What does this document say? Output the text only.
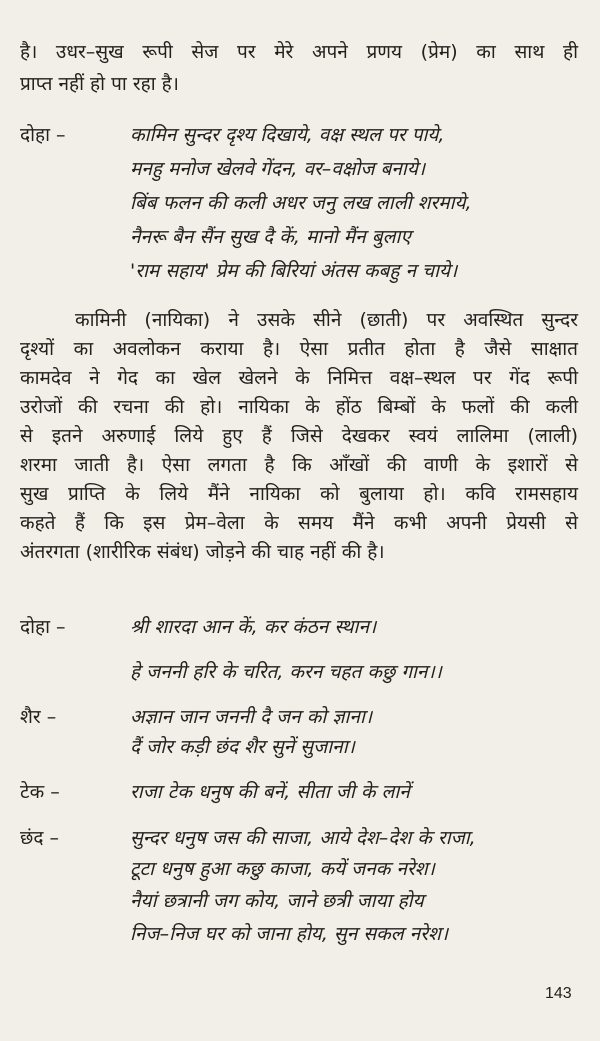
है। उधर–सुख रूपी सेज पर मेरे अपने प्रणय (प्रेम) का साथ ही
प्राप्त नहीं हो पा रहा है।
दोहा –	कामिन सुन्दर दृश्य दिखाये, वक्ष स्थल पर पाये,
मनहु मनोज खेलवे गेंदन, वर–वक्षोज बनाये।
बिंब फलन की कली अधर जनु लख लाली शरमाये,
नैनरू बैन सैंन सुख दै कें, मानो मैंन बुलाए
'राम सहाय' प्रेम की बिरियां अंतस कबहु न चाये।
कामिनी (नायिका) ने उसके सीने (छाती) पर अवस्थित सुन्दर
दृश्यों का अवलोकन कराया है। ऐसा प्रतीत होता है जैसे साक्षात
कामदेव ने गेद का खेल खेलने के निमित्त वक्ष–स्थल पर गेंद रूपी
उरोजों की रचना की हो। नायिका के होंठ बिम्बों के फलों की कली
से इतने अरुणाई लिये हुए हैं जिसे देखकर स्वयं लालिमा (लाली)
शरमा जाती है। ऐसा लगता है कि आँखों की वाणी के इशारों से
सुख प्राप्ति के लिये मैंने नायिका को बुलाया हो। कवि रामसहाय
कहते हैं कि इस प्रेम–वेला के समय मैंने कभी अपनी प्रेयसी से
अंतरगता (शारीरिक संबंध) जोड़ने की चाह नहीं की है।
दोहा –	श्री शारदा आन कें, कर कंठन स्थान।
हे जननी हरि के चरित, करन चहत कछु गान।।
शैर –	अज्ञान जान जननी दै जन को ज्ञाना।
दैं जोर कड़ी छंद शैर सुनें सुजाना।
टेक –	राजा टेक धनुष की बनें, सीता जी के लानें
छंद –	सुन्दर धनुष जस की साजा, आये देश–देश के राजा,
टूटा धनुष हुआ कछु काजा, कयें जनक नरेश।
नैयां छत्रानी जग कोय, जाने छत्री जाया होय
निज–निज घर को जाना होय, सुन सकल नरेश।
143
